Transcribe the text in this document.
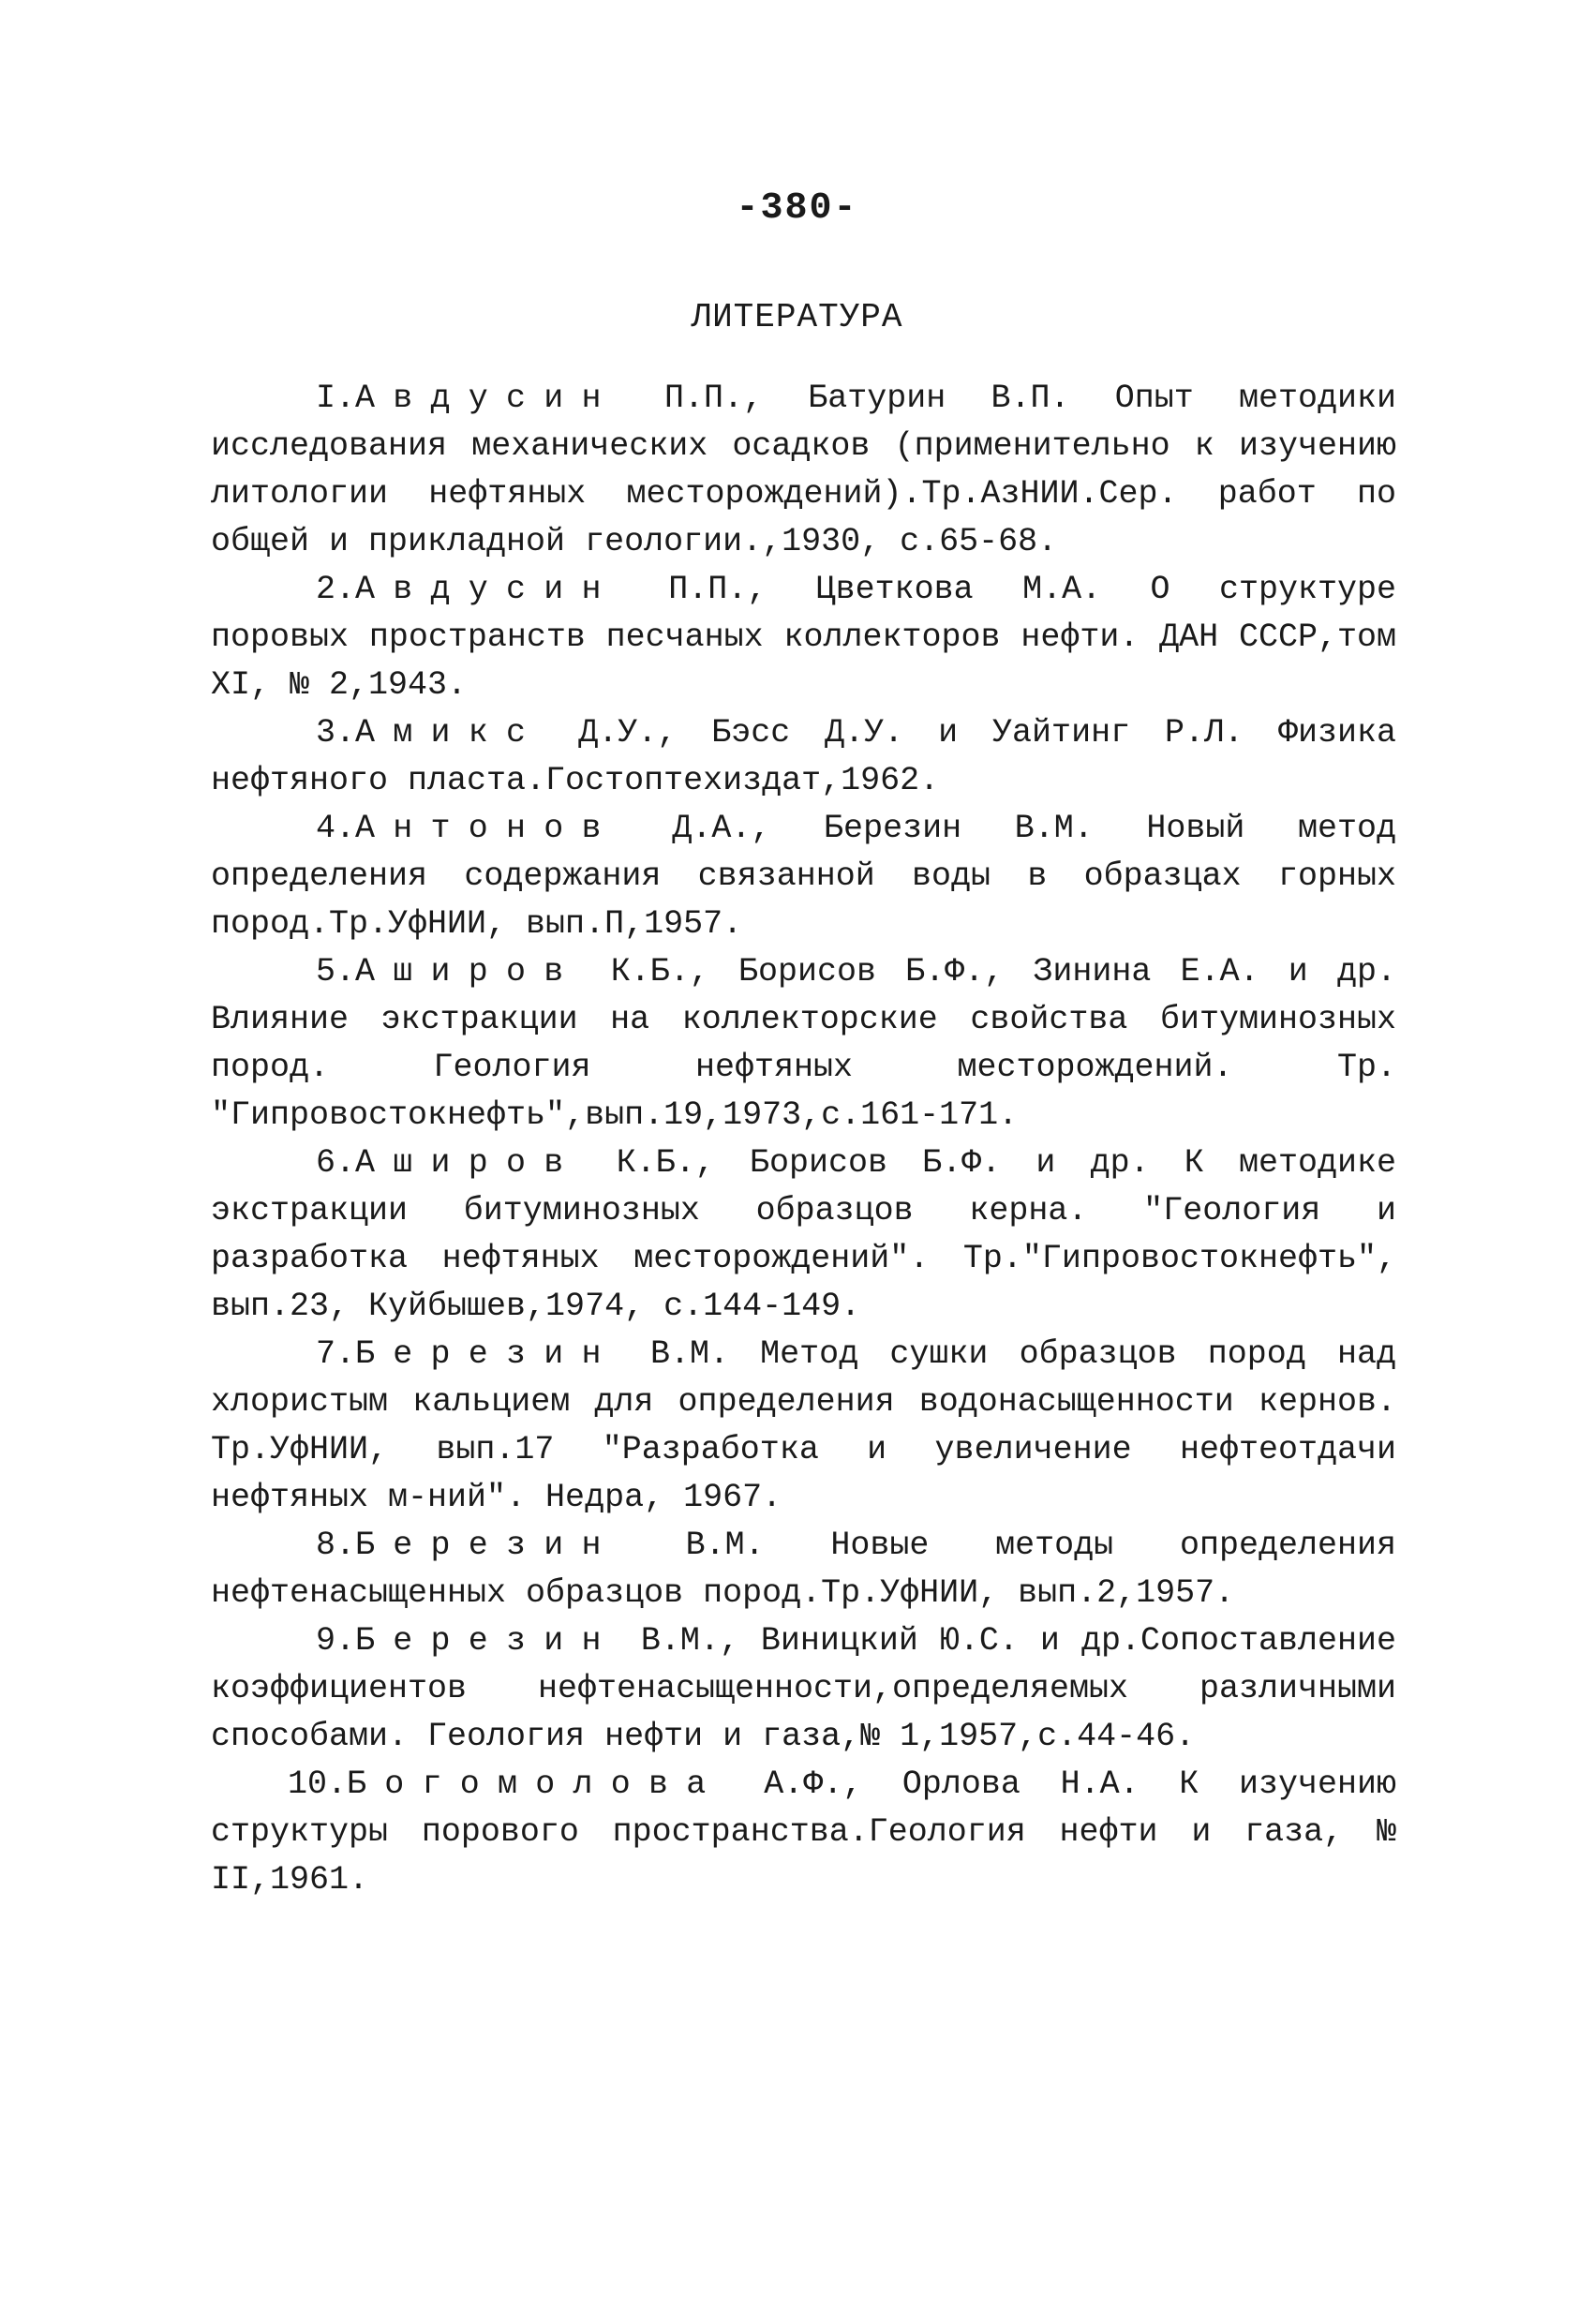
-380-
ЛИТЕРАТУРА

I.Авдусин П.П., Батурин В.П. Опыт методики исследования механических осадков (применительно к изучению литологии нефтяных месторождений).Тр.АзНИИ.Сер. работ по общей и прикладной геологии.,1930, с.65-68.

2.Авдусин П.П., Цветкова М.А. О структуре поровых пространств песчаных коллекторов нефти. ДАН СССР,том XI, № 2,1943.

3.Амикс Д.У., Бэсс Д.У. и Уайтинг Р.Л. Физика нефтяного пласта.Гостоптехиздат,1962.

4.Антонов Д.А., Березин В.М. Новый метод определения содержания связанной воды в образцах горных пород.Тр.УфНИИ, вып.П,1957.

5.Аширов К.Б., Борисов Б.Ф., Зинина Е.А. и др. Влияние экстракции на коллекторские свойства битуминозных пород. Геология нефтяных месторождений. Тр. "Гипровостокнефть",вып.19,1973,с.161-171.

6.Аширов К.Б., Борисов Б.Ф. и др. К методике экстракции битуминозных образцов керна. "Геология и разработка нефтяных месторождений". Тр."Гипровостокнефть", вып.23, Куйбышев,1974, с.144-149.

7.Березин В.М. Метод сушки образцов пород над хлористым кальцием для определения водонасыщенности кернов. Тр.УфНИИ, вып.17 "Разработка и увеличение нефтеотдачи нефтяных м-ний". Недра, 1967.

8.Березин В.М. Новые методы определения нефтенасыщенных образцов пород.Тр.УфНИИ, вып.2,1957.

9.Березин В.М., Виницкий Ю.С. и др.Сопоставление коэффициентов нефтенасыщенности,определяемых различными способами. Геология нефти и газа,№ 1,1957,с.44-46.

10.Богомолова А.Ф., Орлова Н.А. К изучению структуры порового пространства.Геология нефти и газа, № II,1961.
